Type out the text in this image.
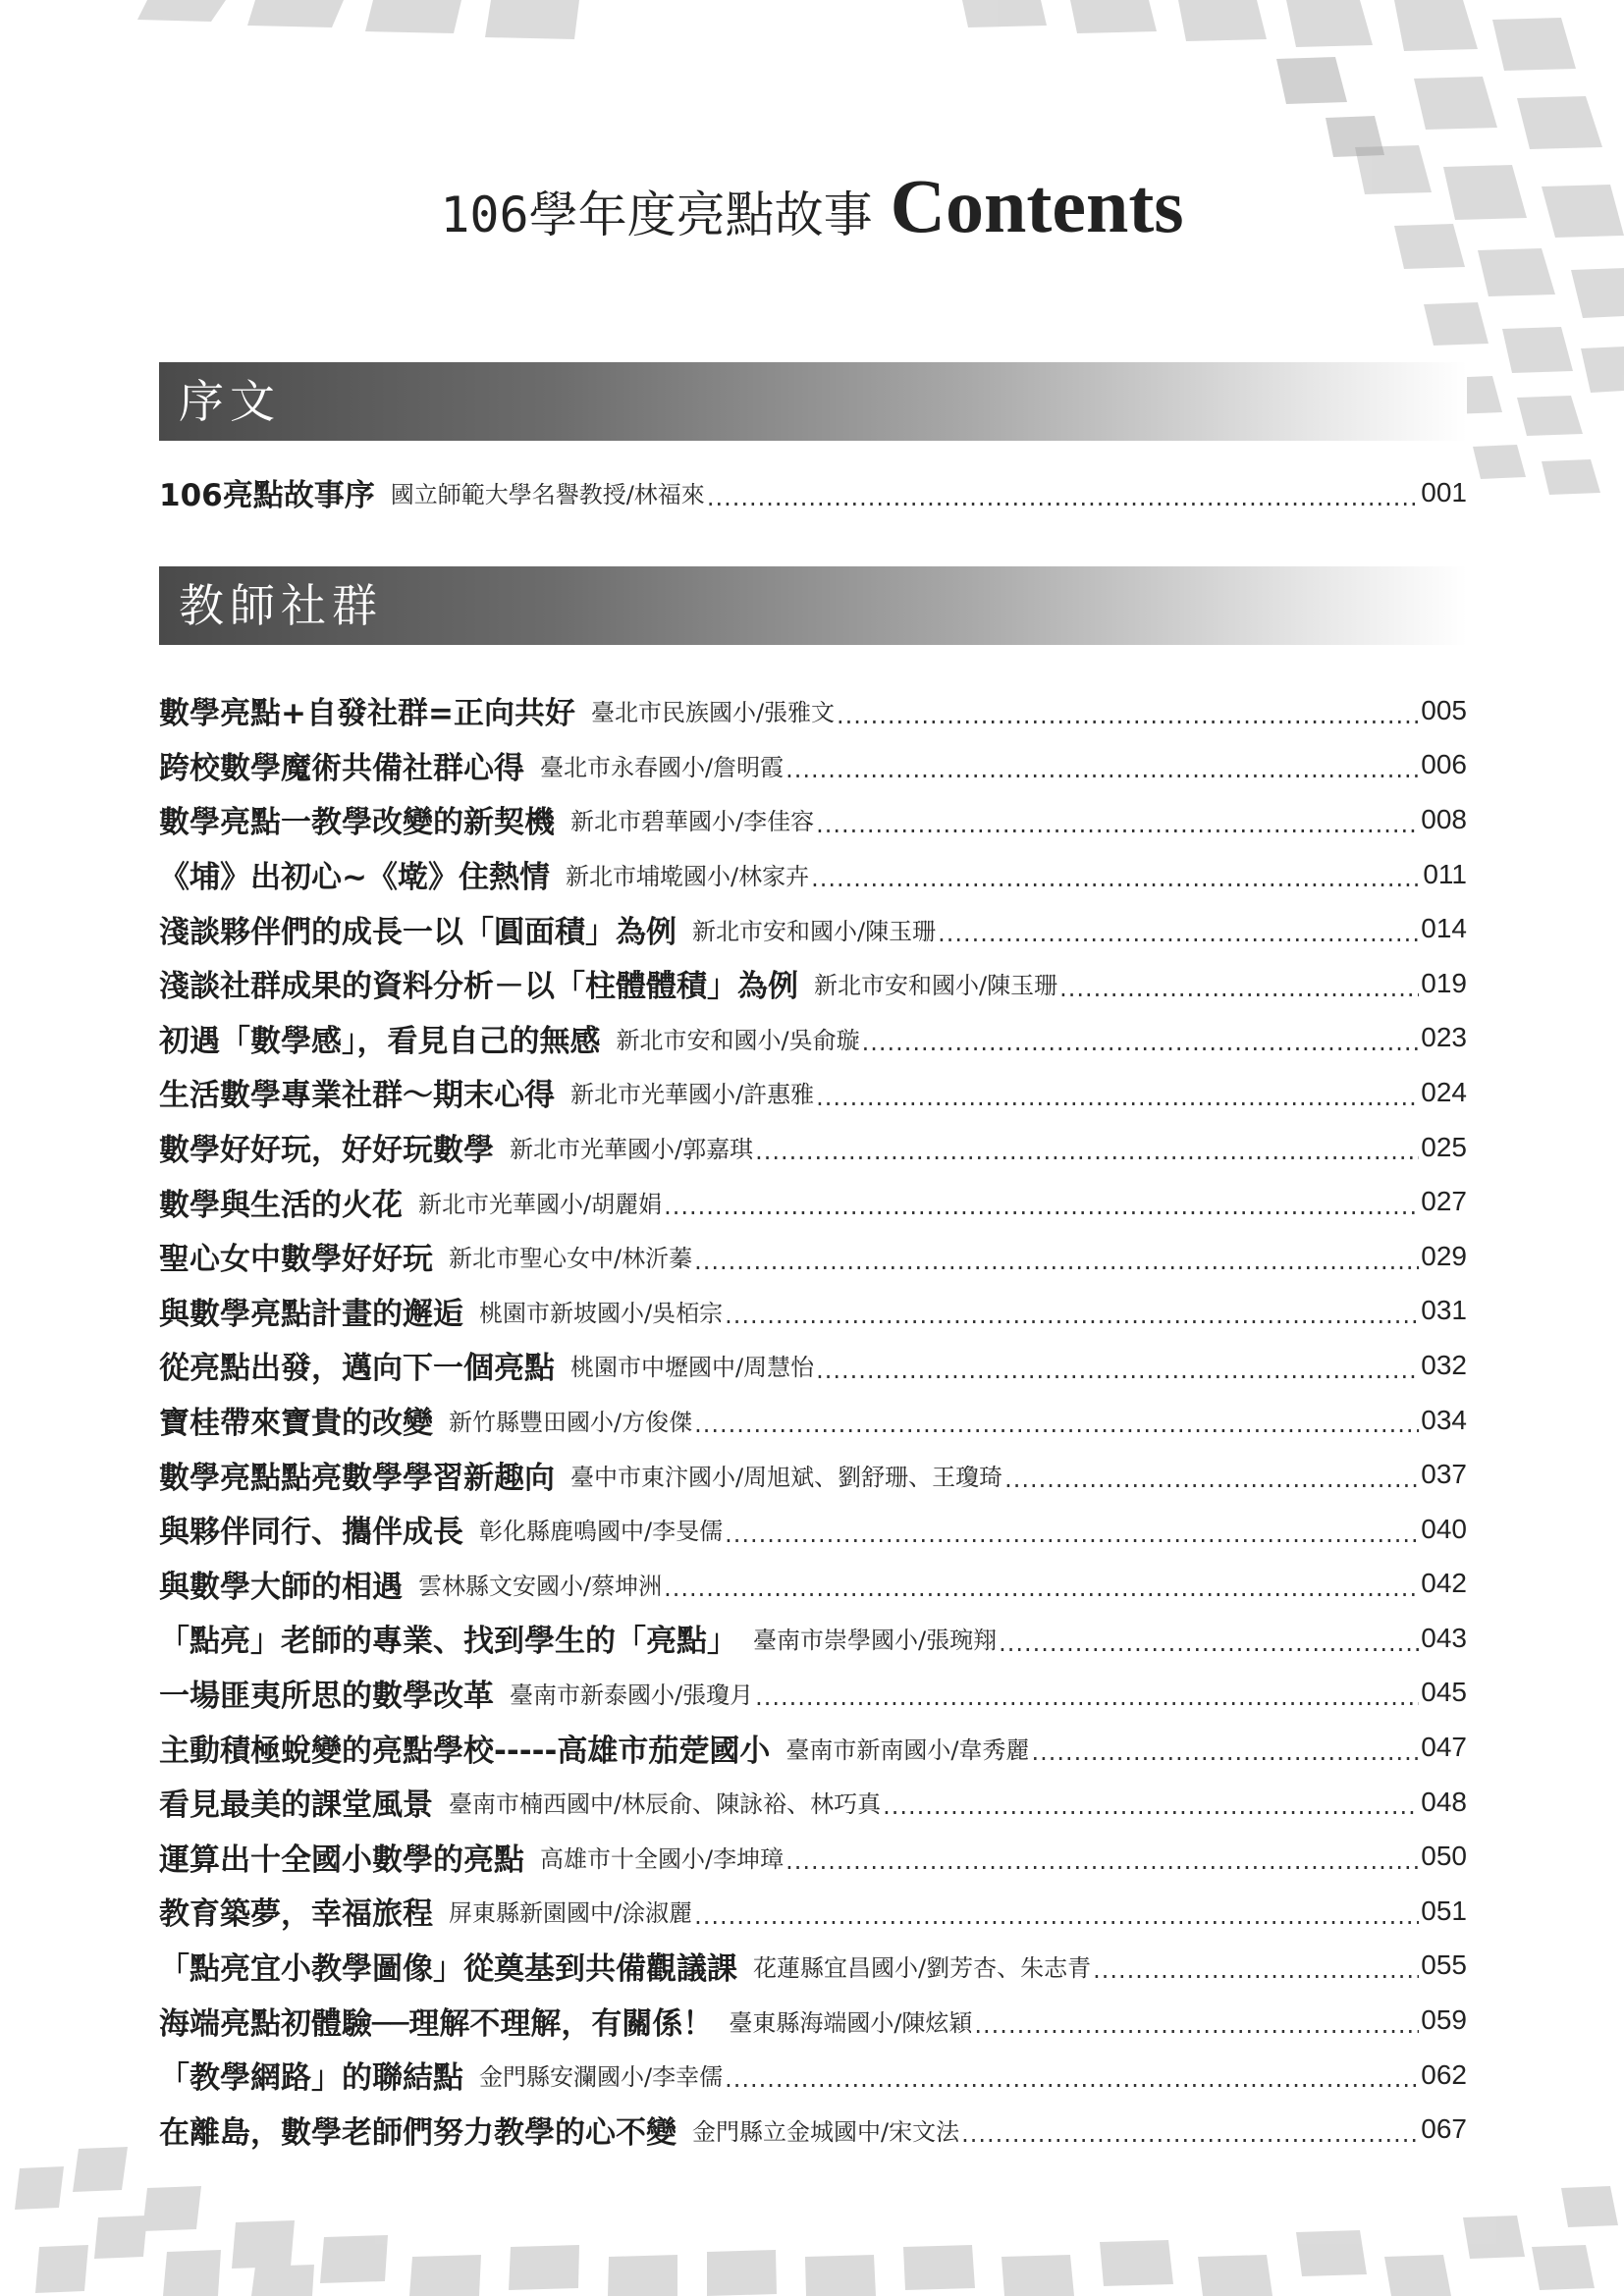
106學年度亮點故事 Contents
序文
106亮點故事序 國立師範大學名譽教授/林福來 .....	001
教師社群
數學亮點+自發社群=正向共好 臺北市民族國小/張雅文 .....	005
跨校數學魔術共備社群心得 臺北市永春國小/詹明霞 .....	006
數學亮點一教學改變的新契機 新北市碧華國小/李佳容 .....	008
《埔》出初心~《墘》住熱情 新北市埔墘國小/林家卉 .....	011
淺談夥伴們的成長一以「圓面積」為例 新北市安和國小/陳玉珊 .....	014
淺談社群成果的資料分析－以「柱體體積」為例 新北市安和國小/陳玉珊 .....	019
初遇「數學感」，看見自己的無感 新北市安和國小/吳俞璇 .....	023
生活數學專業社群～期末心得 新北市光華國小/許惠雅 .....	024
數學好好玩，好好玩數學 新北市光華國小/郭嘉琪 .....	025
數學與生活的火花 新北市光華國小/胡麗娟 .....	027
聖心女中數學好好玩 新北市聖心女中/林沂蓁 .....	029
與數學亮點計畫的邂逅 桃園市新坡國小/吳栢宗 .....	031
從亮點出發，邁向下一個亮點 桃園市中壢國中/周慧怡 .....	032
寶桂帶來寶貴的改變 新竹縣豐田國小/方俊傑 .....	034
數學亮點點亮數學學習新趣向 臺中市東汴國小/周旭斌、劉舒珊、王瓊琦 .....	037
與夥伴同行、攜伴成長 彰化縣鹿鳴國中/李旻儒 .....	040
與數學大師的相遇 雲林縣文安國小/蔡坤洲 .....	042
「點亮」老師的專業、找到學生的「亮點」 臺南市崇學國小/張琬翔 .....	043
一場匪夷所思的數學改革 臺南市新泰國小/張瓊月 .....	045
主動積極蛻變的亮點學校-----高雄市茄萣國小 臺南市新南國小/韋秀麗 .....	047
看見最美的課堂風景 臺南市楠西國中/林辰俞、陳詠裕、林巧真 .....	048
運算出十全國小數學的亮點 高雄市十全國小/李坤璋 .....	050
教育築夢，幸福旅程 屏東縣新園國中/涂淑麗 .....	051
「點亮宜小教學圖像」從奠基到共備觀議課 花蓮縣宜昌國小/劉芳杏、朱志青 .....	055
海端亮點初體驗──理解不理解，有關係！ 臺東縣海端國小/陳炫穎 .....	059
「教學網路」的聯結點 金門縣安瀾國小/李幸儒 .....	062
在離島，數學老師們努力教學的心不變 金門縣立金城國中/宋文法 .....	067
